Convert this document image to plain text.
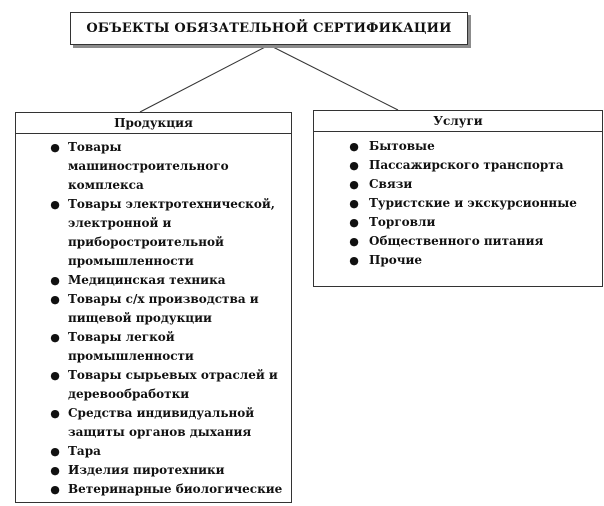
ОБЪЕКТЫ ОБЯЗАТЕЛЬНОЙ СЕРТИФИКАЦИИ
Продукция
● Товары машиностроительного комплекса
● Товары электротехнической, электронной и приборостроительной промышленности
● Медицинская техника
● Товары с/х производства и пищевой продукции
● Товары легкой промышленности
● Товары сырьевых отраслей и деревообработки
● Средства индивидуальной защиты органов дыхания
● Тара
● Изделия пиротехники
● Ветеринарные биологические
Услуги
● Бытовые
● Пассажирского транспорта
● Связи
● Туристские и экскурсионные
● Торговли
● Общественного питания
● Прочие
